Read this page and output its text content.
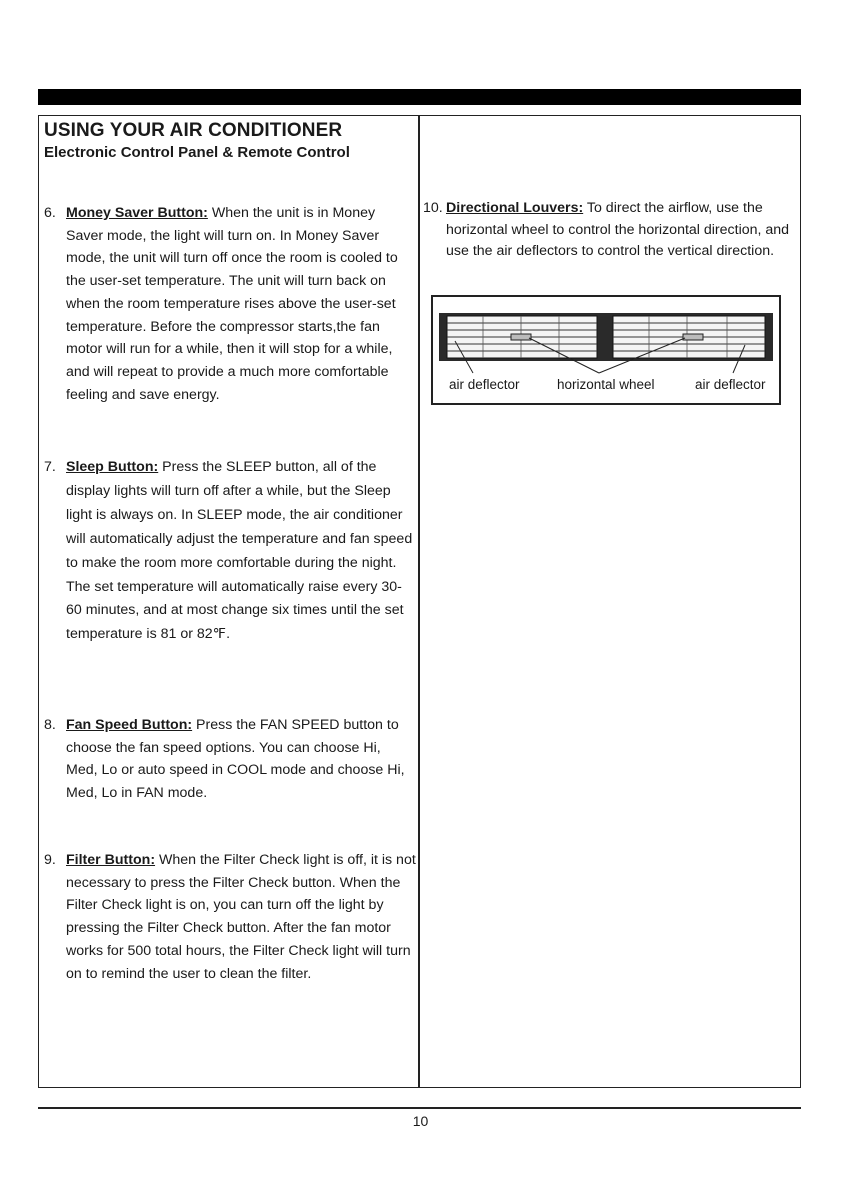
USING YOUR AIR CONDITIONER
Electronic Control Panel & Remote Control
6. Money Saver Button: When the unit is in Money Saver mode, the light will turn on. In Money Saver mode, the unit will turn off once the room is cooled to the user-set temperature. The unit will turn back on when the room temperature rises above the user-set temperature. Before the compressor starts,the fan motor will run for a while, then it will stop for a while, and will repeat to provide a much more comfortable feeling and save energy.
7. Sleep Button: Press the SLEEP button, all of the display lights will turn off after a while, but the Sleep light is always on. In SLEEP mode, the air conditioner will automatically adjust the temperature and fan speed to make the room more comfortable during the night. The set temperature will automatically raise every 30-60 minutes, and at most change six times until the set temperature is 81 or 82℉.
8. Fan Speed Button: Press the FAN SPEED button to choose the fan speed options. You can choose Hi, Med, Lo or auto speed in COOL mode and choose Hi, Med, Lo in FAN mode.
9. Filter Button: When the Filter Check light is off, it is not necessary to press the Filter Check button. When the Filter Check light is on, you can turn off the light by pressing the Filter Check button. After the fan motor works for 500 total hours, the Filter Check light will turn on to remind the user to clean the filter.
10. Directional Louvers: To direct the airflow, use the horizontal wheel to control the horizontal direction, and use the air deflectors to control the vertical direction.
air deflector	horizontal wheel	air deflector
10
